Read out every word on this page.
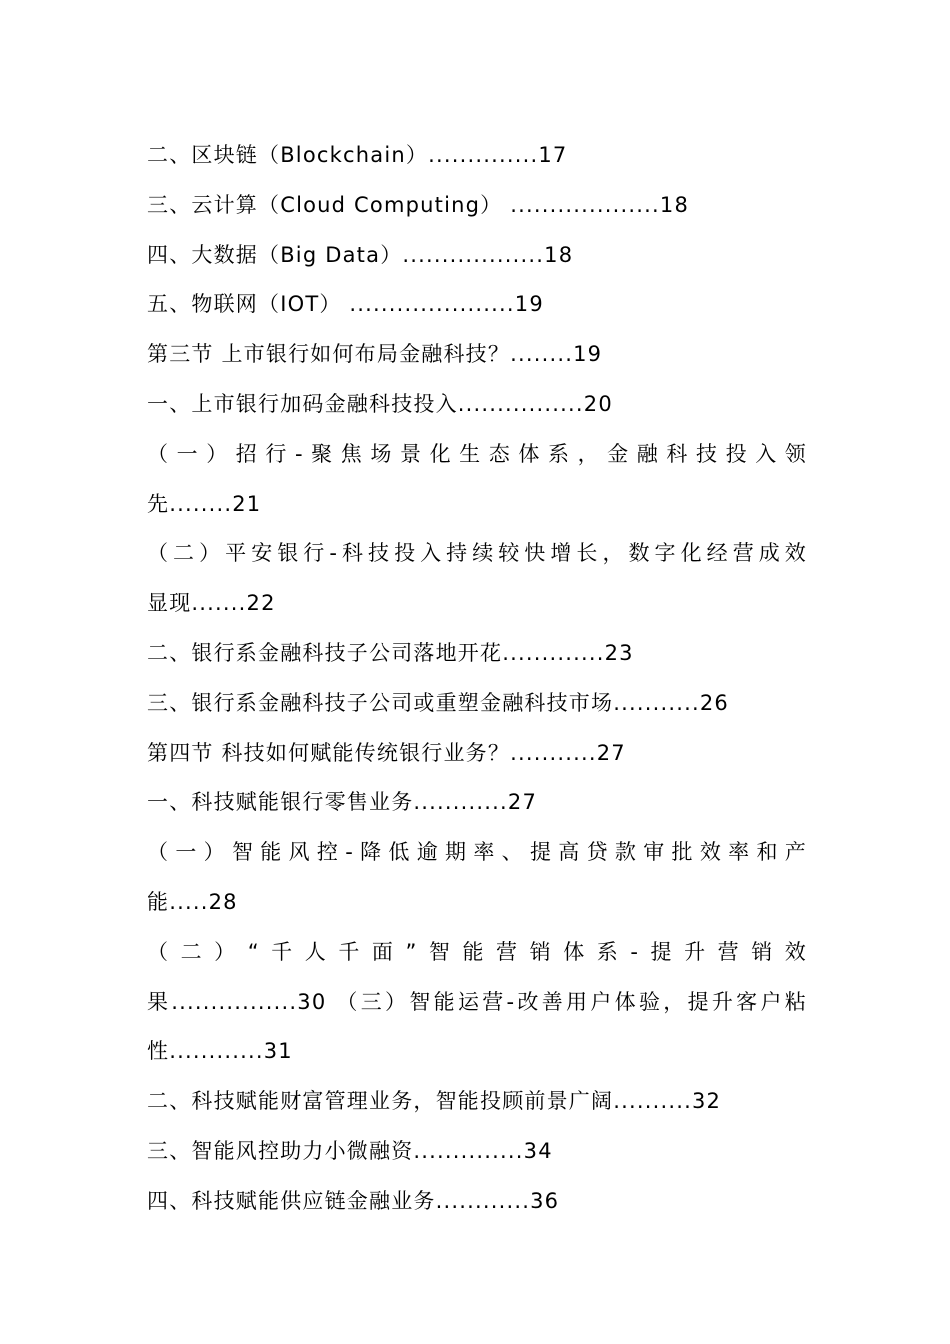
二、区块链（Blockchain）..............17
三、云计算（Cloud Computing） ...................18
四、大数据（Big Data）..................18
五、物联网（IOT） .....................19
第三节 上市银行如何布局金融科技？........19
一、上市银行加码金融科技投入................20
（一）招行-聚焦场景化生态体系，金融科技投入领
先........21
（二）平安银行-科技投入持续较快增长，数字化经营成效
显现.......22
二、银行系金融科技子公司落地开花.............23
三、银行系金融科技子公司或重塑金融科技市场...........26
第四节 科技如何赋能传统银行业务？...........27
一、科技赋能银行零售业务............27
（一）智能风控-降低逾期率、提高贷款审批效率和产
能.....28
（二）“千人千面”智能营销体系-提升营销效
果................30 （三）智能运营-改善用户体验，提升客户粘
性............31
二、科技赋能财富管理业务，智能投顾前景广阔..........32
三、智能风控助力小微融资..............34
四、科技赋能供应链金融业务............36
